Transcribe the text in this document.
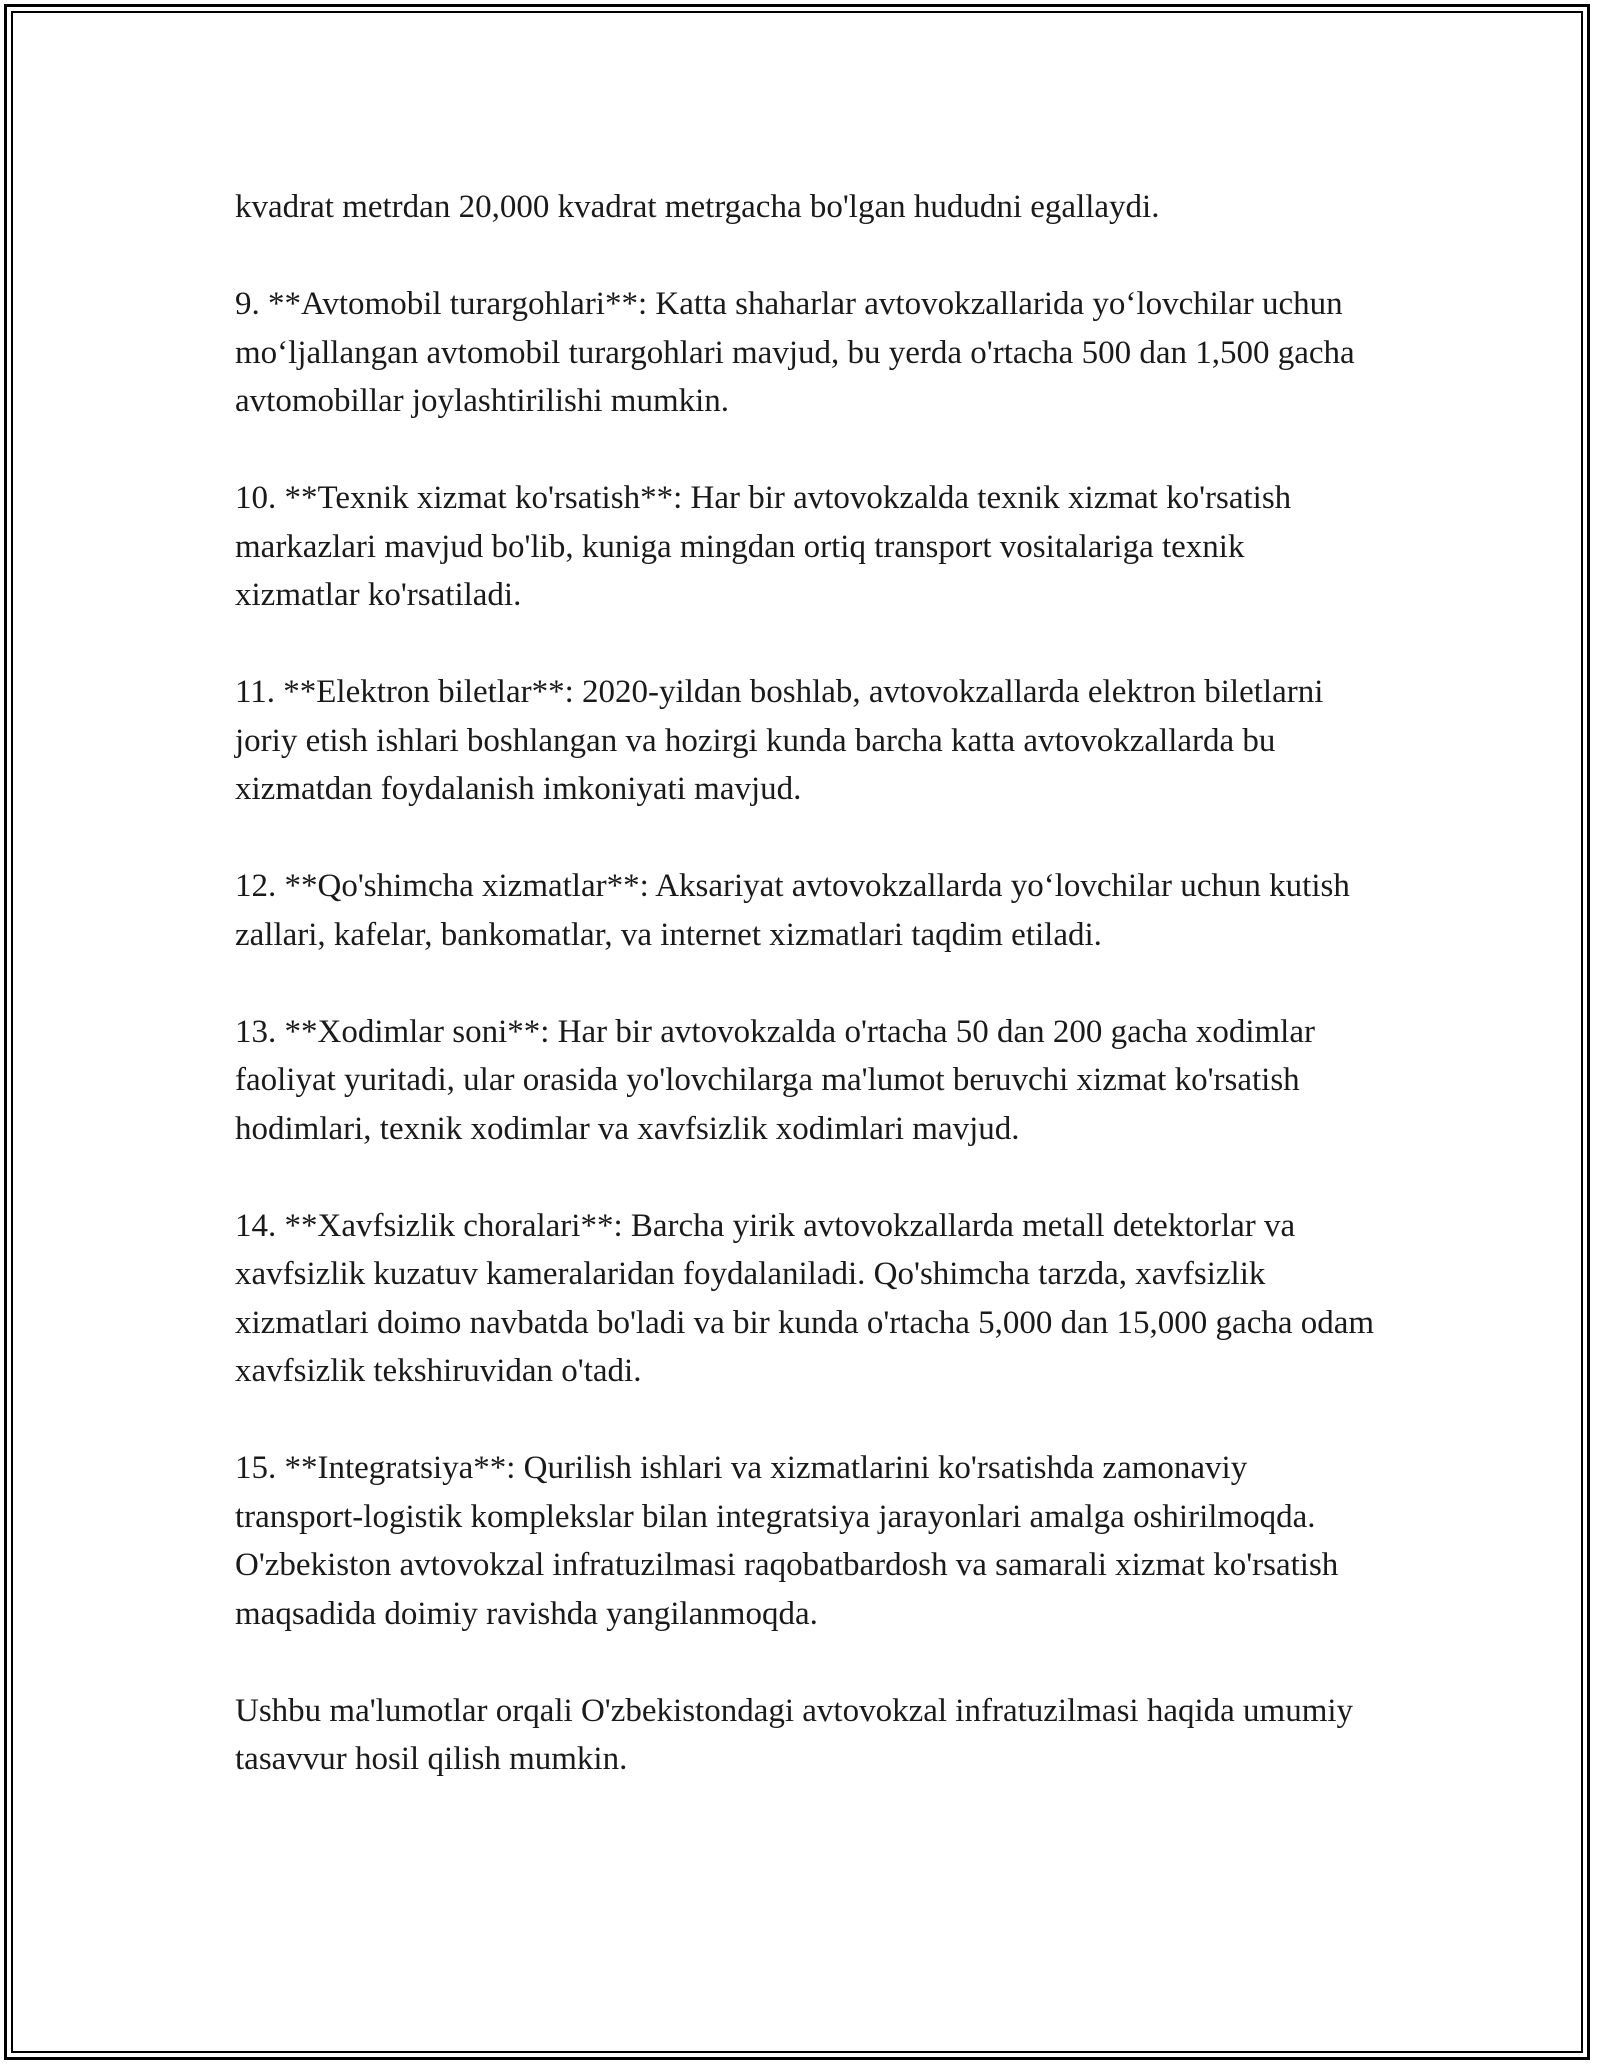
kvadrat metrdan 20,000 kvadrat metrgacha bo'lgan hududni egallaydi.

9. **Avtomobil turargohlari**: Katta shaharlar avtovokzallarida yo‘lovchilar uchun mo‘ljallangan avtomobil turargohlari mavjud, bu yerda o'rtacha 500 dan 1,500 gacha avtomobillar joylashtirilishi mumkin.

10. **Texnik xizmat ko'rsatish**: Har bir avtovokzalda texnik xizmat ko'rsatish markazlari mavjud bo'lib, kuniga mingdan ortiq transport vositalariga texnik xizmatlar ko'rsatiladi.

11. **Elektron biletlar**: 2020-yildan boshlab, avtovokzallarda elektron biletlarni joriy etish ishlari boshlangan va hozirgi kunda barcha katta avtovokzallarda bu xizmatdan foydalanish imkoniyati mavjud.

12. **Qo'shimcha xizmatlar**: Aksariyat avtovokzallarda yo‘lovchilar uchun kutish zallari, kafelar, bankomatlar, va internet xizmatlari taqdim etiladi.

13. **Xodimlar soni**: Har bir avtovokzalda o'rtacha 50 dan 200 gacha xodimlar faoliyat yuritadi, ular orasida yo'lovchilarga ma'lumot beruvchi xizmat ko'rsatish hodimlari, texnik xodimlar va xavfsizlik xodimlari mavjud.

14. **Xavfsizlik choralari**: Barcha yirik avtovokzallarda metall detektorlar va xavfsizlik kuzatuv kameralaridan foydalaniladi. Qo'shimcha tarzda, xavfsizlik xizmatlari doimo navbatda bo'ladi va bir kunda o'rtacha 5,000 dan 15,000 gacha odam xavfsizlik tekshiruvidan o'tadi.

15. **Integratsiya**: Qurilish ishlari va xizmatlarini ko'rsatishda zamonaviy transport-logistik komplekslar bilan integratsiya jarayonlari amalga oshirilmoqda. O'zbekiston avtovokzal infratuzilmasi raqobatbardosh va samarali xizmat ko'rsatish maqsadida doimiy ravishda yangilanmoqda.

Ushbu ma'lumotlar orqali O'zbekistondagi avtovokzal infratuzilmasi haqida umumiy tasavvur hosil qilish mumkin.
